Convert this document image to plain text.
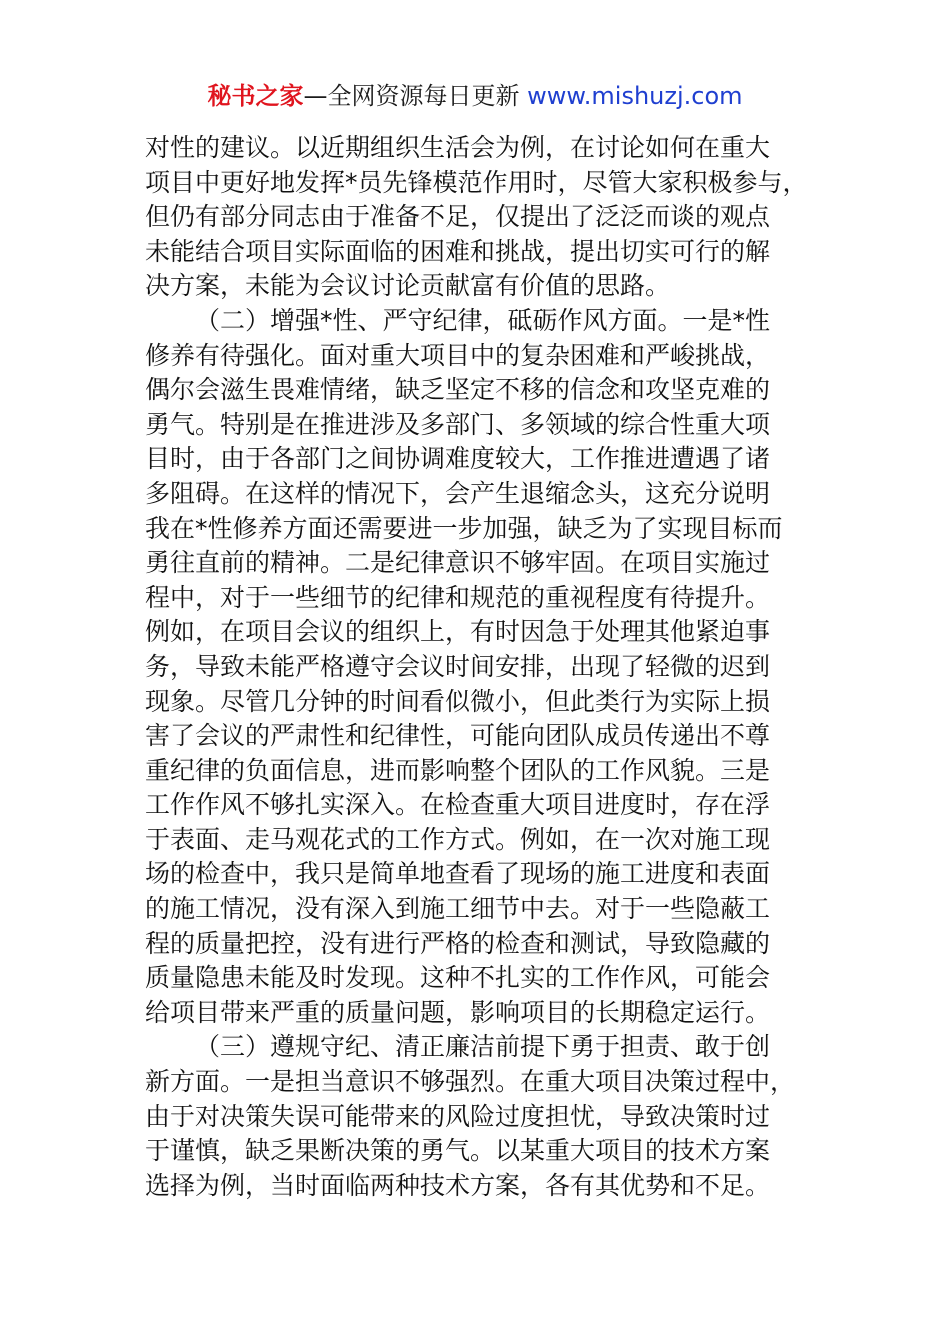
秘书之家—全网资源每日更新 www.mishuzj.com
对性的建议。以近期组织生活会为例，在讨论如何在重大
项目中更好地发挥*员先锋模范作用时，尽管大家积极参与，
但仍有部分同志由于准备不足，仅提出了泛泛而谈的观点
未能结合项目实际面临的困难和挑战，提出切实可行的解
决方案，未能为会议讨论贡献富有价值的思路。
（二）增强*性、严守纪律，砥砺作风方面。一是*性
修养有待强化。面对重大项目中的复杂困难和严峻挑战，
偶尔会滋生畏难情绪，缺乏坚定不移的信念和攻坚克难的
勇气。特别是在推进涉及多部门、多领域的综合性重大项
目时，由于各部门之间协调难度较大，工作推进遭遇了诸
多阻碍。在这样的情况下，会产生退缩念头，这充分说明
我在*性修养方面还需要进一步加强，缺乏为了实现目标而
勇往直前的精神。二是纪律意识不够牢固。在项目实施过
程中，对于一些细节的纪律和规范的重视程度有待提升。
例如，在项目会议的组织上，有时因急于处理其他紧迫事
务，导致未能严格遵守会议时间安排，出现了轻微的迟到
现象。尽管几分钟的时间看似微小，但此类行为实际上损
害了会议的严肃性和纪律性，可能向团队成员传递出不尊
重纪律的负面信息，进而影响整个团队的工作风貌。三是
工作作风不够扎实深入。在检查重大项目进度时，存在浮
于表面、走马观花式的工作方式。例如，在一次对施工现
场的检查中，我只是简单地查看了现场的施工进度和表面
的施工情况，没有深入到施工细节中去。对于一些隐蔽工
程的质量把控，没有进行严格的检查和测试，导致隐藏的
质量隐患未能及时发现。这种不扎实的工作作风，可能会
给项目带来严重的质量问题，影响项目的长期稳定运行。
（三）遵规守纪、清正廉洁前提下勇于担责、敢于创
新方面。一是担当意识不够强烈。在重大项目决策过程中，
由于对决策失误可能带来的风险过度担忧，导致决策时过
于谨慎，缺乏果断决策的勇气。以某重大项目的技术方案
选择为例，当时面临两种技术方案，各有其优势和不足。
